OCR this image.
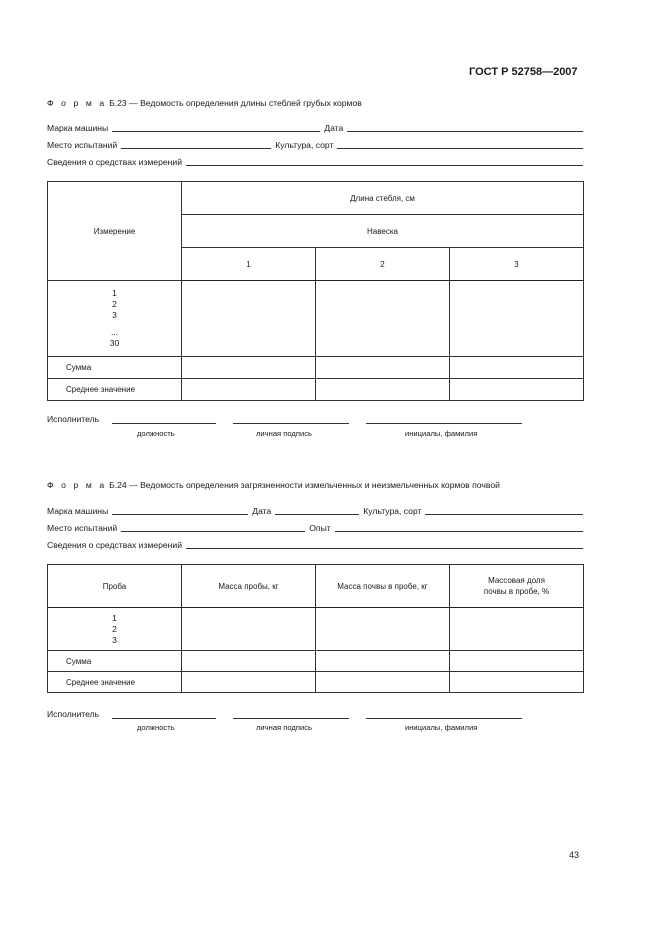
ГОСТ Р 52758—2007
Ф о р м а Б.23 — Ведомость определения длины стеблей грубых кормов
Марка машины	Дата
Место испытаний	Культура, сорт
Сведения о средствах измерений
Измерение	Длина стебля, см		
	Навеска		
	1	2	3

1
2
3
...
30			

Сумма			
Среднее значение			
Исполнитель
должность	личная подпись	инициалы, фамилия
Ф о р м а Б.24 — Ведомость определения загрязненности измельченных и неизмельченных кормов почвой
Марка машины	Дата	Культура, сорт
Место испытаний	Опыт
Сведения о средствах измерений
Проба	Масса пробы, кг	Масса почвы в пробе, кг	Массовая доля почвы в пробе, %

1
2
3			

Сумма			
Среднее значение			
Исполнитель
должность	личная подпись	инициалы, фамилия
43
